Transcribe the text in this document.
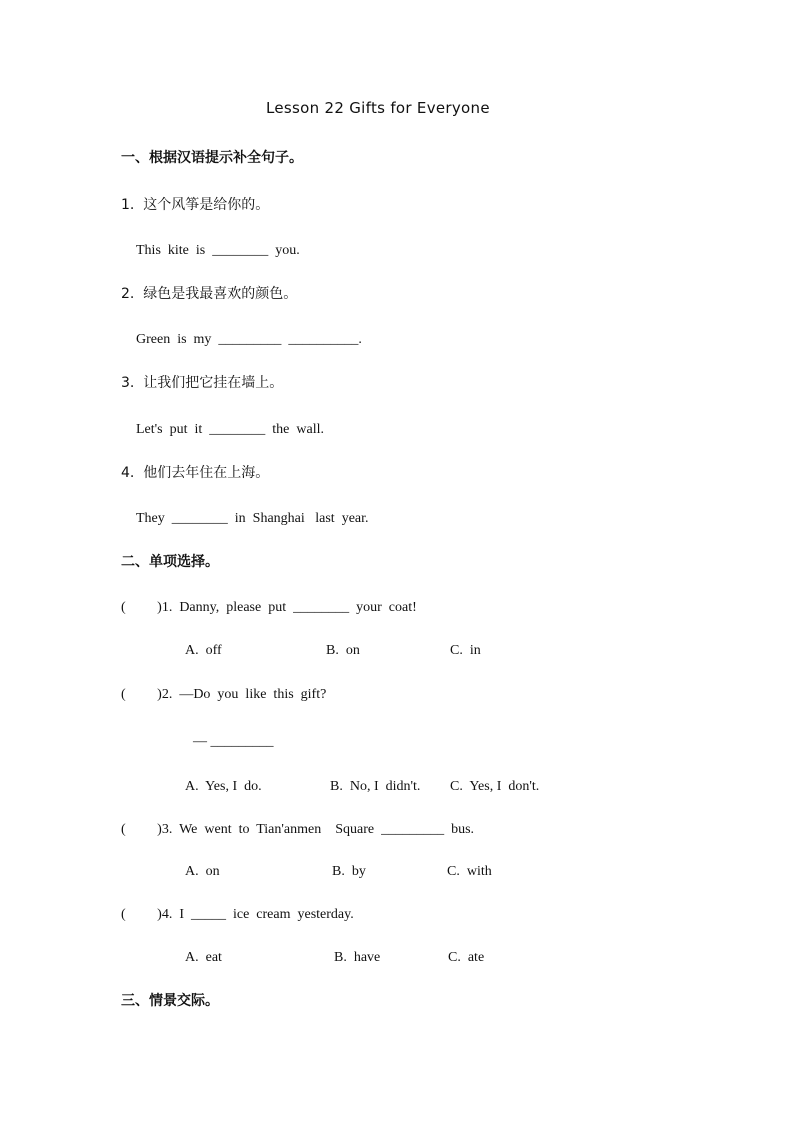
Lesson 22 Gifts for Everyone
一、根据汉语提示补全句子。
1.  这个风筝是给你的。
This  kite  is  ________  you.
2.  绿色是我最喜欢的颜色。
Green  is  my  _________  __________.
3.  让我们把它挂在墙上。
Let's  put  it  ________  the  wall.
4.  他们去年住在上海。
They  ________  in  Shanghai   last  year.
二、单项选择。
(         )1.  Danny,  please  put  ________  your  coat!
A.  off	B.  on	C.  in
(         )2.  —Do  you  like  this  gift?
— _________
A.  Yes, I  do.	B.  No, I  didn't. C.  Yes, I  don't.
(         )3.  We  went  to  Tian'anmen    Square  _________  bus.
A.  on	B.  by	C.  with
(         )4.  I  _____  ice  cream  yesterday.
A.  eat	B.  have	C.  ate
三、情景交际。
